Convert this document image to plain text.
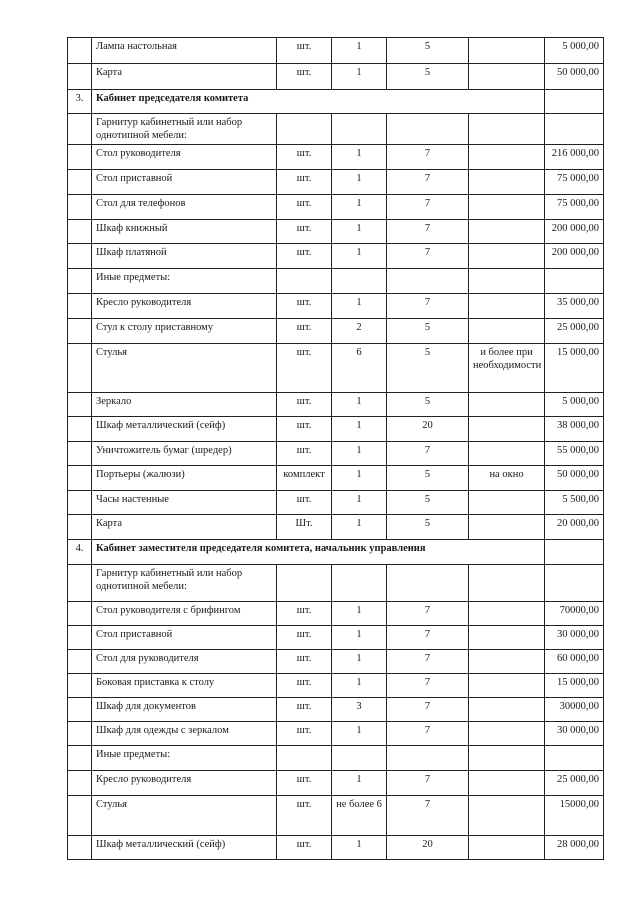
	Лампа настольная	шт.	1	5		5 000,00
	Карта	шт.	1	5		50 000,00
3.	Кабинет председателя комитета					
	Гарнитур кабинетный или набор однотипной мебели:					
	Стол руководителя	шт.	1	7		216 000,00
	Стол приставной	шт.	1	7		75 000,00
	Стол для телефонов	шт.	1	7		75 000,00
	Шкаф книжный	шт.	1	7		200 000,00
	Шкаф платяной	шт.	1	7		200 000,00
	Иные предметы:					
	Кресло руководителя	шт.	1	7		35 000,00
	Стул к столу приставному	шт.	2	5		25 000,00
	Стулья	шт.	6	5	и более при необходимости	15 000,00
	Зеркало	шт.	1	5		5 000,00
	Шкаф металлический (сейф)	шт.	1	20		38 000,00
	Уничтожитель бумаг (шредер)	шт.	1	7		55 000,00
	Портьеры (жалюзи)	комплект	1	5	на окно	50 000,00
	Часы настенные	шт.	1	5		5 500,00
	Карта	Шт.	1	5		20 000,00
4.	Кабинет заместителя председателя комитета, начальник управления					
	Гарнитур кабинетный или набор однотипной мебели:					
	Стол руководителя с брифингом	шт.	1	7		70000,00
	Стол приставной	шт.	1	7		30 000,00
	Стол для руководителя	шт.	1	7		60 000,00
	Боковая приставка к столу	шт.	1	7		15 000,00
	Шкаф для документов	шт.	3	7		30000,00
	Шкаф для одежды с зеркалом	шт.	1	7		30 000,00
	Иные предметы:					
	Кресло руководителя	шт.	1	7		25 000,00
	Стулья	шт.	не более 6	7		15000,00
	Шкаф металлический (сейф)	шт.	1	20		28 000,00
